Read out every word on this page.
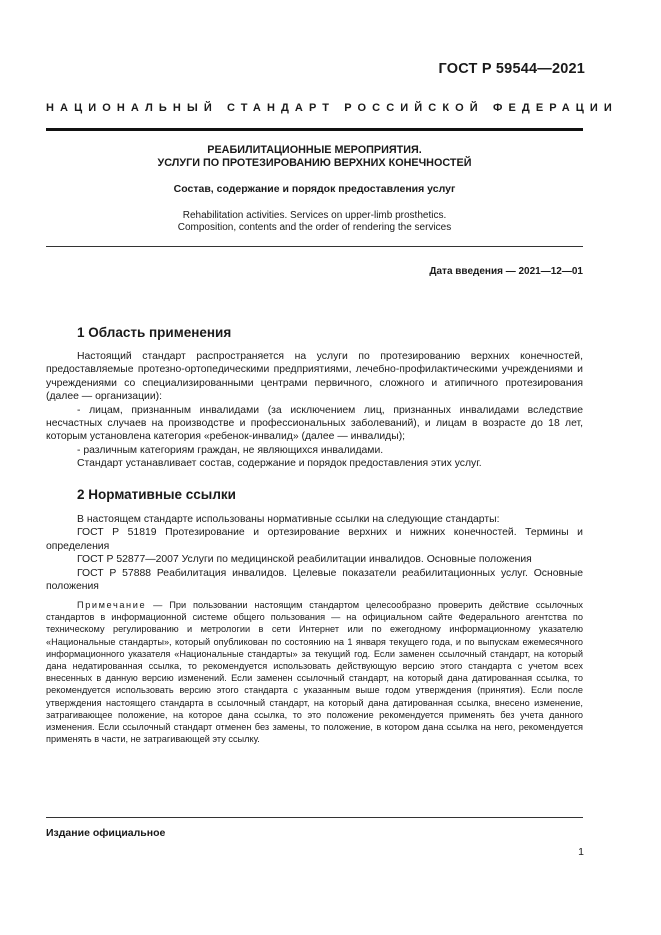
ГОСТ Р 59544—2021
НАЦИОНАЛЬНЫЙ СТАНДАРТ РОССИЙСКОЙ ФЕДЕРАЦИИ
РЕАБИЛИТАЦИОННЫЕ МЕРОПРИЯТИЯ.
УСЛУГИ ПО ПРОТЕЗИРОВАНИЮ ВЕРХНИХ КОНЕЧНОСТЕЙ
Состав, содержание и порядок предоставления услуг
Rehabilitation activities. Services on upper-limb prosthetics.
Composition, contents and the order of rendering the services
Дата введения — 2021—12—01
1 Область применения
Настоящий стандарт распространяется на услуги по протезированию верхних конечностей, предоставляемые протезно-ортопедическими предприятиями, лечебно-профилактическими учреждениями и учреждениями со специализированными центрами первичного, сложного и атипичного протезирования (далее — организации):
- лицам, признанным инвалидами (за исключением лиц, признанных инвалидами вследствие несчастных случаев на производстве и профессиональных заболеваний), и лицам в возрасте до 18 лет, которым установлена категория «ребенок-инвалид» (далее — инвалиды);
- различным категориям граждан, не являющихся инвалидами.
Стандарт устанавливает состав, содержание и порядок предоставления этих услуг.
2 Нормативные ссылки
В настоящем стандарте использованы нормативные ссылки на следующие стандарты:
ГОСТ Р 51819 Протезирование и ортезирование верхних и нижних конечностей. Термины и определения
ГОСТ Р 52877—2007 Услуги по медицинской реабилитации инвалидов. Основные положения
ГОСТ Р 57888 Реабилитация инвалидов. Целевые показатели реабилитационных услуг. Основные положения
Примечание — При пользовании настоящим стандартом целесообразно проверить действие ссылочных стандартов в информационной системе общего пользования — на официальном сайте Федерального агентства по техническому регулированию и метрологии в сети Интернет или по ежегодному информационному указателю «Национальные стандарты», который опубликован по состоянию на 1 января текущего года, и по выпускам ежемесячного информационного указателя «Национальные стандарты» за текущий год. Если заменен ссылочный стандарт, на который дана недатированная ссылка, то рекомендуется использовать действующую версию этого стандарта с учетом всех внесенных в данную версию изменений. Если заменен ссылочный стандарт, на который дана датированная ссылка, то рекомендуется использовать версию этого стандарта с указанным выше годом утверждения (принятия). Если после утверждения настоящего стандарта в ссылочный стандарт, на который дана датированная ссылка, внесено изменение, затрагивающее положение, на которое дана ссылка, то это положение рекомендуется применять без учета данного изменения. Если ссылочный стандарт отменен без замены, то положение, в котором дана ссылка на него, рекомендуется применять в части, не затрагивающей эту ссылку.
Издание официальное
1
